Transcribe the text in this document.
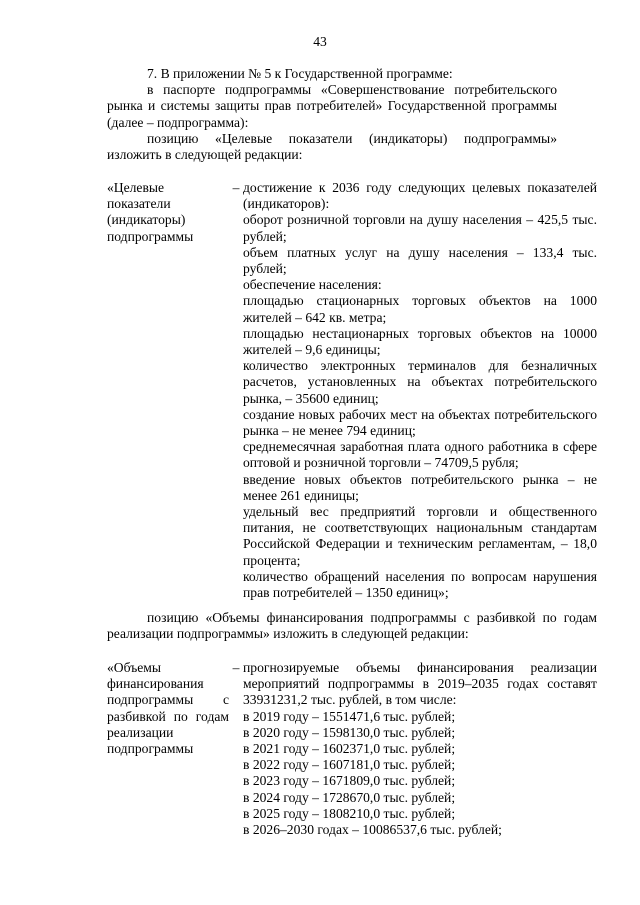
43

7. В приложении № 5 к Государственной программе:

в паспорте подпрограммы «Совершенствование потребительского рынка и системы защиты прав потребителей» Государственной программы (далее – подпрограмма):

позицию «Целевые показатели (индикаторы) подпрограммы» изложить в следующей редакции:

«Целевые показатели (индикаторы) подпрограммы
– достижение к 2036 году следующих целевых показателей (индикаторов):

оборот розничной торговли на душу населения – 425,5 тыс. рублей;

объем платных услуг на душу населения – 133,4 тыс. рублей;

обеспечение населения:

площадью стационарных торговых объектов на 1000 жителей – 642 кв. метра;

площадью нестационарных торговых объектов на 10000 жителей – 9,6 единицы;

количество электронных терминалов для безналичных расчетов, установленных на объектах потребительского рынка, – 35600 единиц;

создание новых рабочих мест на объектах потребительского рынка – не менее 794 единиц;

среднемесячная заработная плата одного работника в сфере оптовой и розничной торговли – 74709,5 рубля;

введение новых объектов потребительского рынка – не менее 261 единицы;

удельный вес предприятий торговли и общественного питания, не соответствующих национальным стандартам Российской Федерации и техническим регламентам, – 18,0 процента;

количество обращений населения по вопросам нарушения прав потребителей – 1350 единиц»;

позицию «Объемы финансирования подпрограммы с разбивкой по годам реализации подпрограммы» изложить в следующей редакции:

«Объемы финансирования подпрограммы с разбивкой по годам реализации подпрограммы
– прогнозируемые объемы финансирования реализации мероприятий подпрограммы в 2019–2035 годах составят 33931231,2 тыс. рублей, в том числе:

в 2019 году – 1551471,6 тыс. рублей;

в 2020 году – 1598130,0 тыс. рублей;

в 2021 году – 1602371,0 тыс. рублей;

в 2022 году – 1607181,0 тыс. рублей;

в 2023 году – 1671809,0 тыс. рублей;

в 2024 году – 1728670,0 тыс. рублей;

в 2025 году – 1808210,0 тыс. рублей;

в 2026–2030 годах – 10086537,6 тыс. рублей;
